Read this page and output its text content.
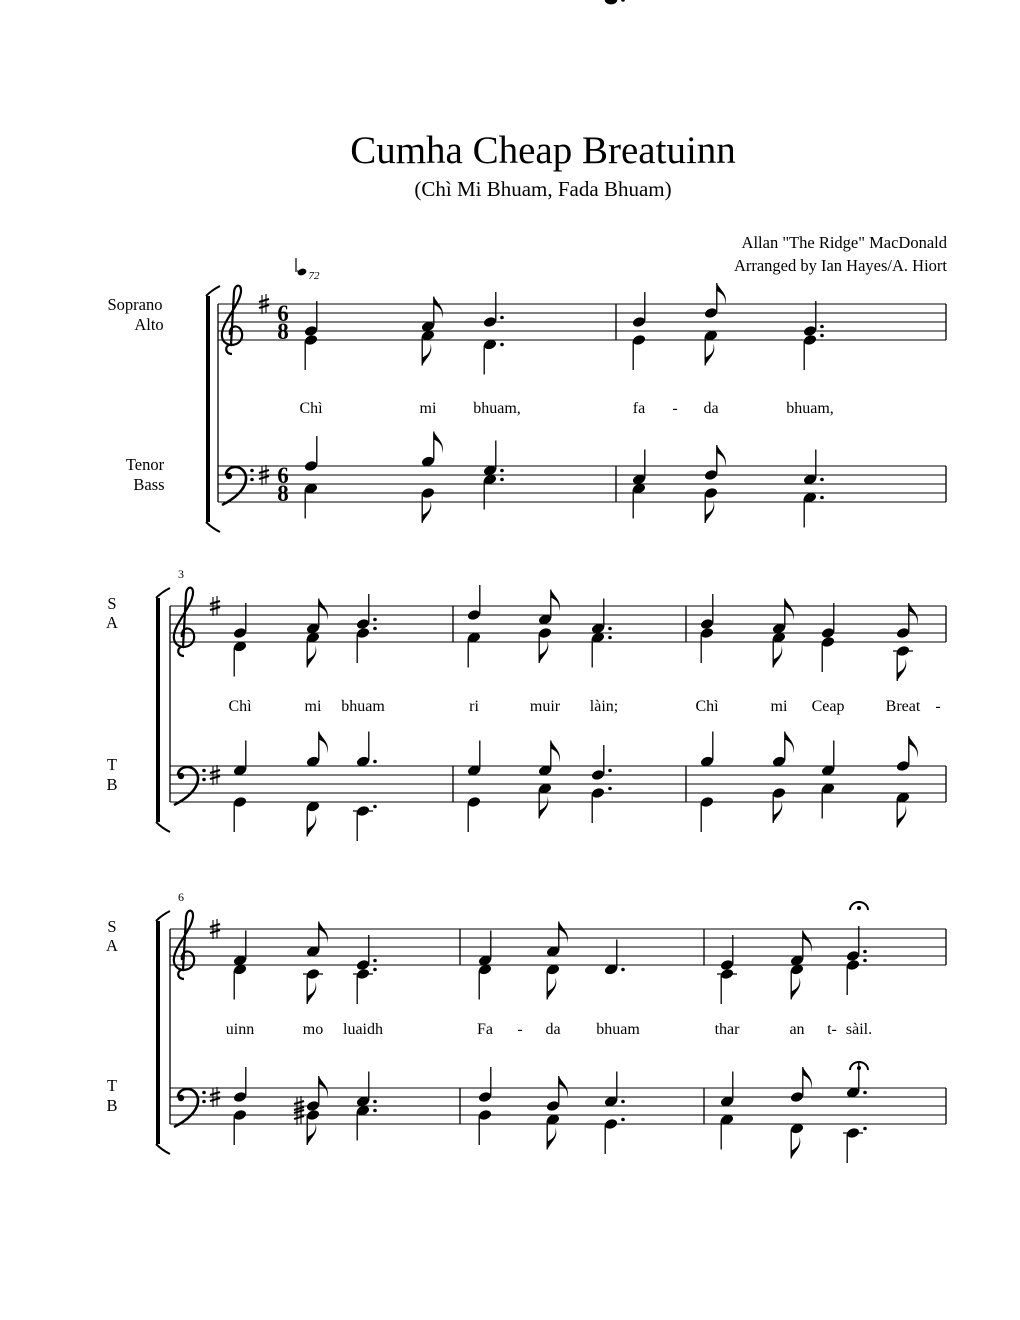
Cumha Cheap Breatuinn
(Chì Mi Bhuam, Fada Bhuam)
Allan "The Ridge" MacDonald
Arranged by Ian Hayes/A. Hiort
6
8
6
8
72
Soprano
Alto
Tenor
Bass
Chì	mi bhuam,	fa - da	bhuam,
3
S
A
T
B
Chì	mi bhuam	ri	muir làin;	Chì	mi Ceap	Breat -
6
S
A
T
B
uinn	mo luaidh	Fa - da bhuam	thar	an t- sàil.
